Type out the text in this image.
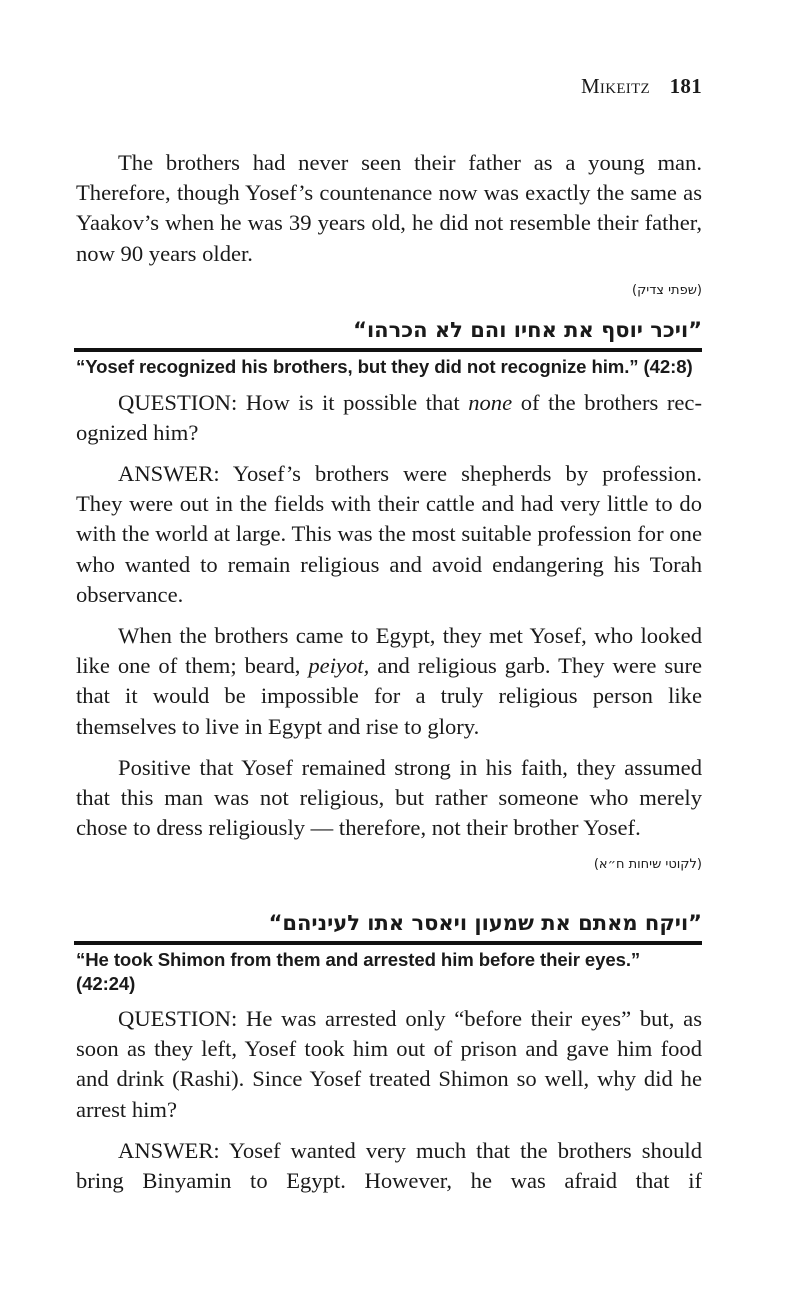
Mikeitz 181

The brothers had never seen their father as a young man. Therefore, though Yosef’s countenance now was exactly the same as Yaakov’s when he was 39 years old, he did not resemble their father, now 90 years older.

(שפתי צדיק)

”ויכר יוסף את אחיו והם לא הכרהו“

“Yosef recognized his brothers, but they did not recognize him.” (42:8)

QUESTION: How is it possible that none of the brothers recognized him?

ANSWER: Yosef’s brothers were shepherds by profession. They were out in the fields with their cattle and had very little to do with the world at large. This was the most suitable profession for one who wanted to remain religious and avoid endangering his Torah observance.

When the brothers came to Egypt, they met Yosef, who looked like one of them; beard, peiyot, and religious garb. They were sure that it would be impossible for a truly religious person like themselves to live in Egypt and rise to glory.

Positive that Yosef remained strong in his faith, they assumed that this man was not religious, but rather someone who merely chose to dress religiously — therefore, not their brother Yosef.

(לקוטי שיחות ח״א)

”ויקח מאתם את שמעון ויאסר אתו לעיניהם“

“He took Shimon from them and arrested him before their eyes.” (42:24)

QUESTION: He was arrested only “before their eyes” but, as soon as they left, Yosef took him out of prison and gave him food and drink (Rashi). Since Yosef treated Shimon so well, why did he arrest him?

ANSWER: Yosef wanted very much that the brothers should bring Binyamin to Egypt. However, he was afraid that if
